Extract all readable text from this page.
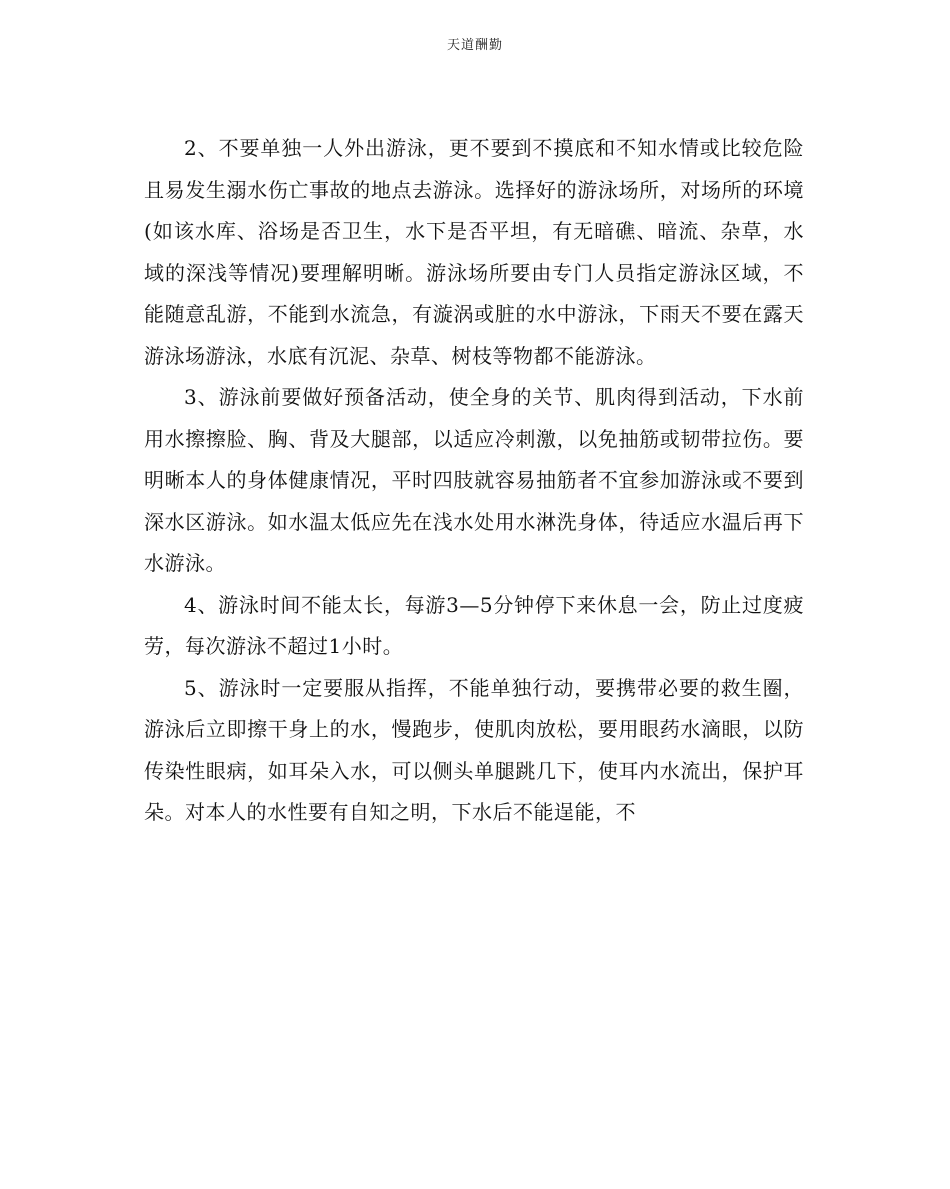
天道酬勤

2、不要单独一人外出游泳，更不要到不摸底和不知水情或比较危险且易发生溺水伤亡事故的地点去游泳。选择好的游泳场所，对场所的环境(如该水库、浴场是否卫生，水下是否平坦，有无暗礁、暗流、杂草，水域的深浅等情况)要理解明晰。游泳场所要由专门人员指定游泳区域，不能随意乱游，不能到水流急，有漩涡或脏的水中游泳，下雨天不要在露天游泳场游泳，水底有沉泥、杂草、树枝等物都不能游泳。

3、游泳前要做好预备活动，使全身的关节、肌肉得到活动，下水前用水擦擦脸、胸、背及大腿部，以适应冷刺激，以免抽筋或韧带拉伤。要明晰本人的身体健康情况，平时四肢就容易抽筋者不宜参加游泳或不要到深水区游泳。如水温太低应先在浅水处用水淋洗身体，待适应水温后再下水游泳。

4、游泳时间不能太长，每游3—5分钟停下来休息一会，防止过度疲劳，每次游泳不超过1小时。

5、游泳时一定要服从指挥，不能单独行动，要携带必要的救生圈，游泳后立即擦干身上的水，慢跑步，使肌肉放松，要用眼药水滴眼，以防传染性眼病，如耳朵入水，可以侧头单腿跳几下，使耳内水流出，保护耳朵。对本人的水性要有自知之明，下水后不能逞能，不
